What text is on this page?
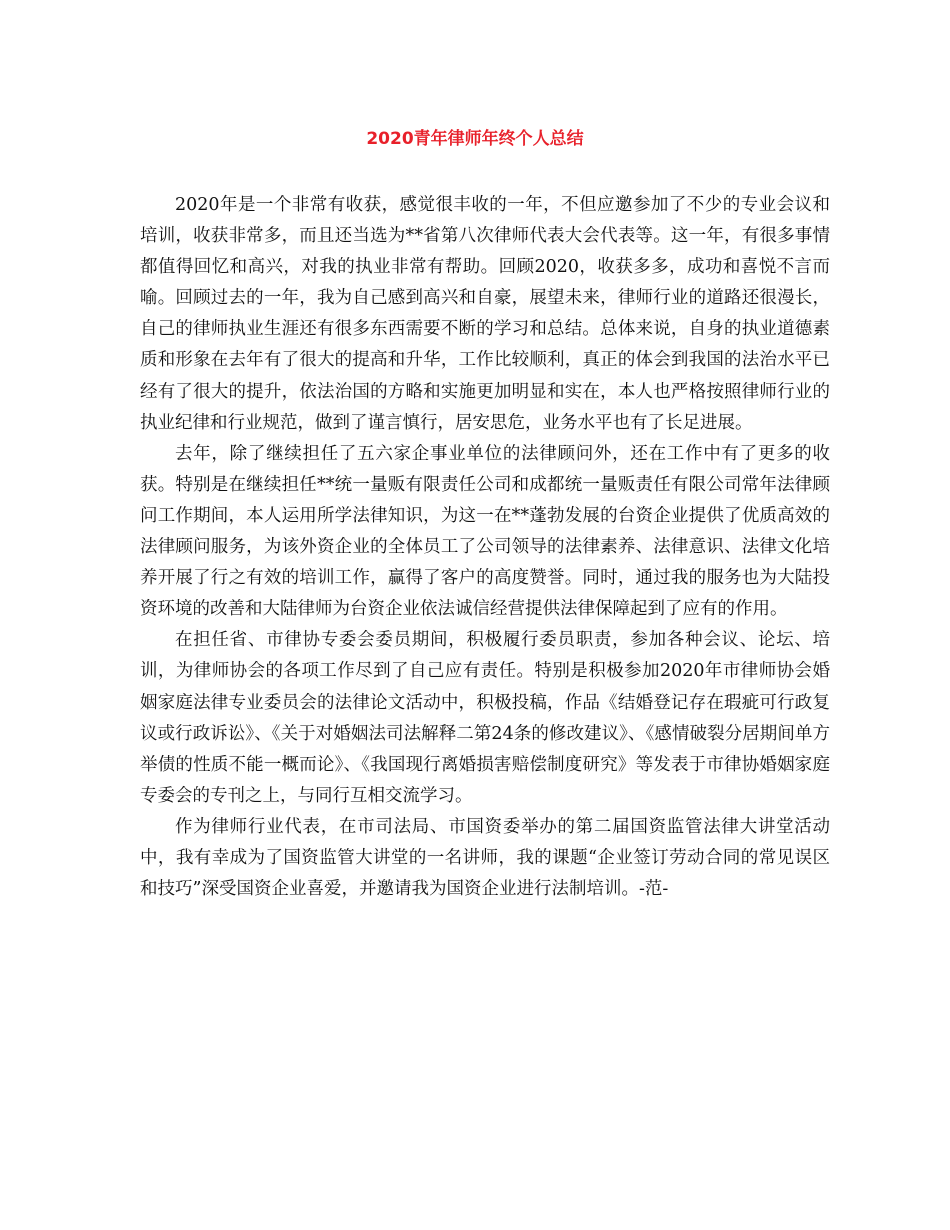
2020青年律师年终个人总结

2020年是一个非常有收获，感觉很丰收的一年，不但应邀参加了不少的专业会议和培训，收获非常多，而且还当选为**省第八次律师代表大会代表等。这一年，有很多事情都值得回忆和高兴，对我的执业非常有帮助。回顾2020，收获多多，成功和喜悦不言而喻。回顾过去的一年，我为自己感到高兴和自豪，展望未来，律师行业的道路还很漫长，自己的律师执业生涯还有很多东西需要不断的学习和总结。总体来说，自身的执业道德素质和形象在去年有了很大的提高和升华，工作比较顺利，真正的体会到我国的法治水平已经有了很大的提升，依法治国的方略和实施更加明显和实在，本人也严格按照律师行业的执业纪律和行业规范，做到了谨言慎行，居安思危，业务水平也有了长足进展。

去年，除了继续担任了五六家企事业单位的法律顾问外，还在工作中有了更多的收获。特别是在继续担任**统一量贩有限责任公司和成都统一量贩责任有限公司常年法律顾问工作期间，本人运用所学法律知识，为这一在**蓬勃发展的台资企业提供了优质高效的法律顾问服务，为该外资企业的全体员工了公司领导的法律素养、法律意识、法律文化培养开展了行之有效的培训工作，赢得了客户的高度赞誉。同时，通过我的服务也为大陆投资环境的改善和大陆律师为台资企业依法诚信经营提供法律保障起到了应有的作用。

在担任省、市律协专委会委员期间，积极履行委员职责，参加各种会议、论坛、培训，为律师协会的各项工作尽到了自己应有责任。特别是积极参加2020年市律师协会婚姻家庭法律专业委员会的法律论文活动中，积极投稿，作品《结婚登记存在瑕疵可行政复议或行政诉讼》、《关于对婚姻法司法解释二第24条的修改建议》、《感情破裂分居期间单方举债的性质不能一概而论》、《我国现行离婚损害赔偿制度研究》等发表于市律协婚姻家庭专委会的专刊之上，与同行互相交流学习。

作为律师行业代表，在市司法局、市国资委举办的第二届国资监管法律大讲堂活动中，我有幸成为了国资监管大讲堂的一名讲师，我的课题“企业签订劳动合同的常见误区和技巧”深受国资企业喜爱，并邀请我为国资企业进行法制培训。-范-
